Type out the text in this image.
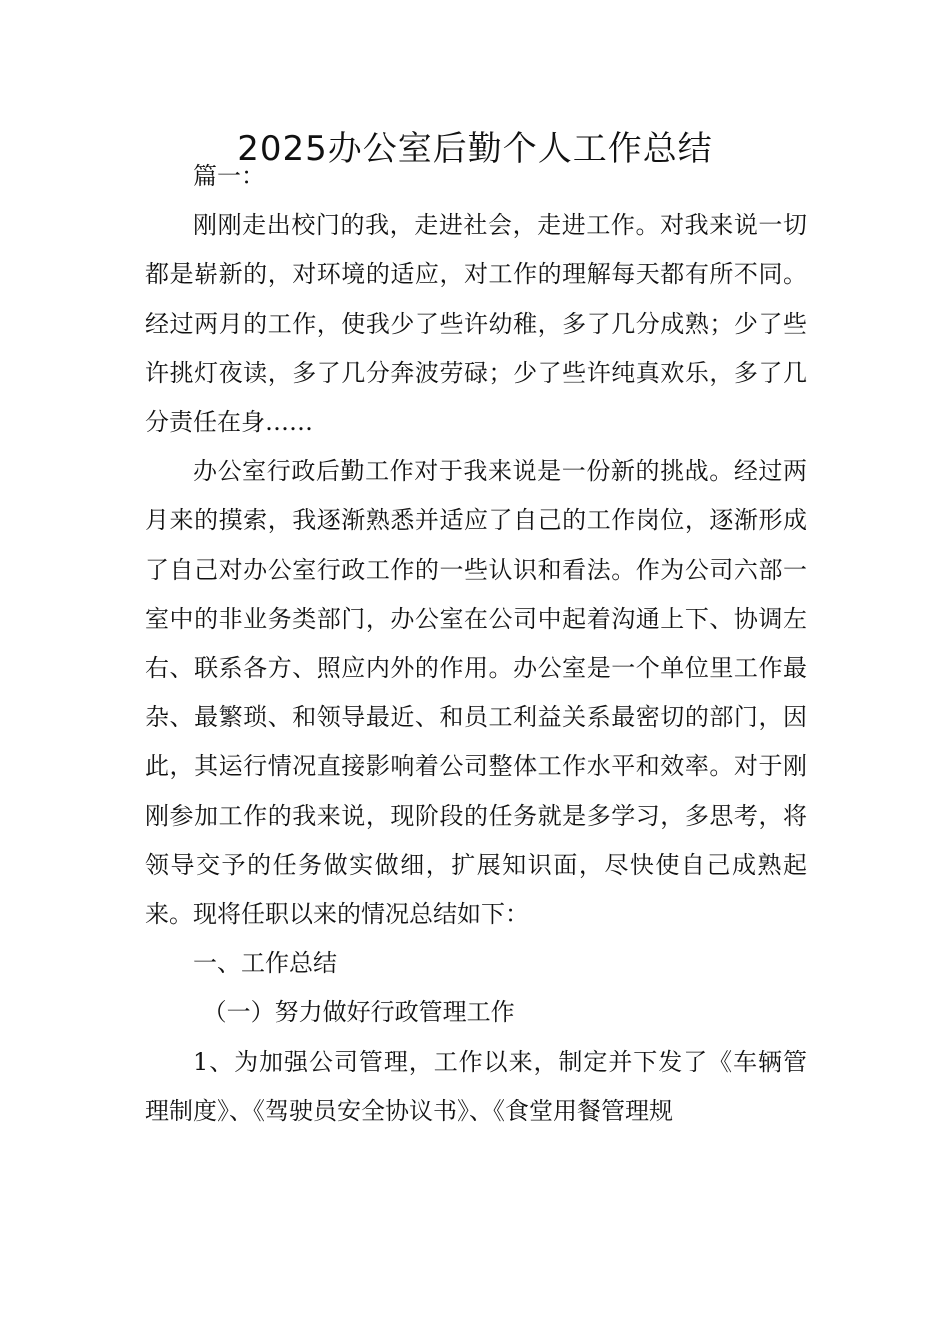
2025办公室后勤个人工作总结

篇一：

刚刚走出校门的我，走进社会，走进工作。对我来说一切都是崭新的，对环境的适应，对工作的理解每天都有所不同。经过两月的工作，使我少了些许幼稚，多了几分成熟；少了些许挑灯夜读，多了几分奔波劳碌；少了些许纯真欢乐，多了几分责任在身……

办公室行政后勤工作对于我来说是一份新的挑战。经过两月来的摸索，我逐渐熟悉并适应了自己的工作岗位，逐渐形成了自己对办公室行政工作的一些认识和看法。作为公司六部一室中的非业务类部门，办公室在公司中起着沟通上下、协调左右、联系各方、照应内外的作用。办公室是一个单位里工作最杂、最繁琐、和领导最近、和员工利益关系最密切的部门，因此，其运行情况直接影响着公司整体工作水平和效率。对于刚刚参加工作的我来说，现阶段的任务就是多学习，多思考，将领导交予的任务做实做细，扩展知识面，尽快使自己成熟起来。现将任职以来的情况总结如下：

一、工作总结

（一）努力做好行政管理工作

1、为加强公司管理，工作以来，制定并下发了《车辆管理制度》、《驾驶员安全协议书》、《食堂用餐管理规
